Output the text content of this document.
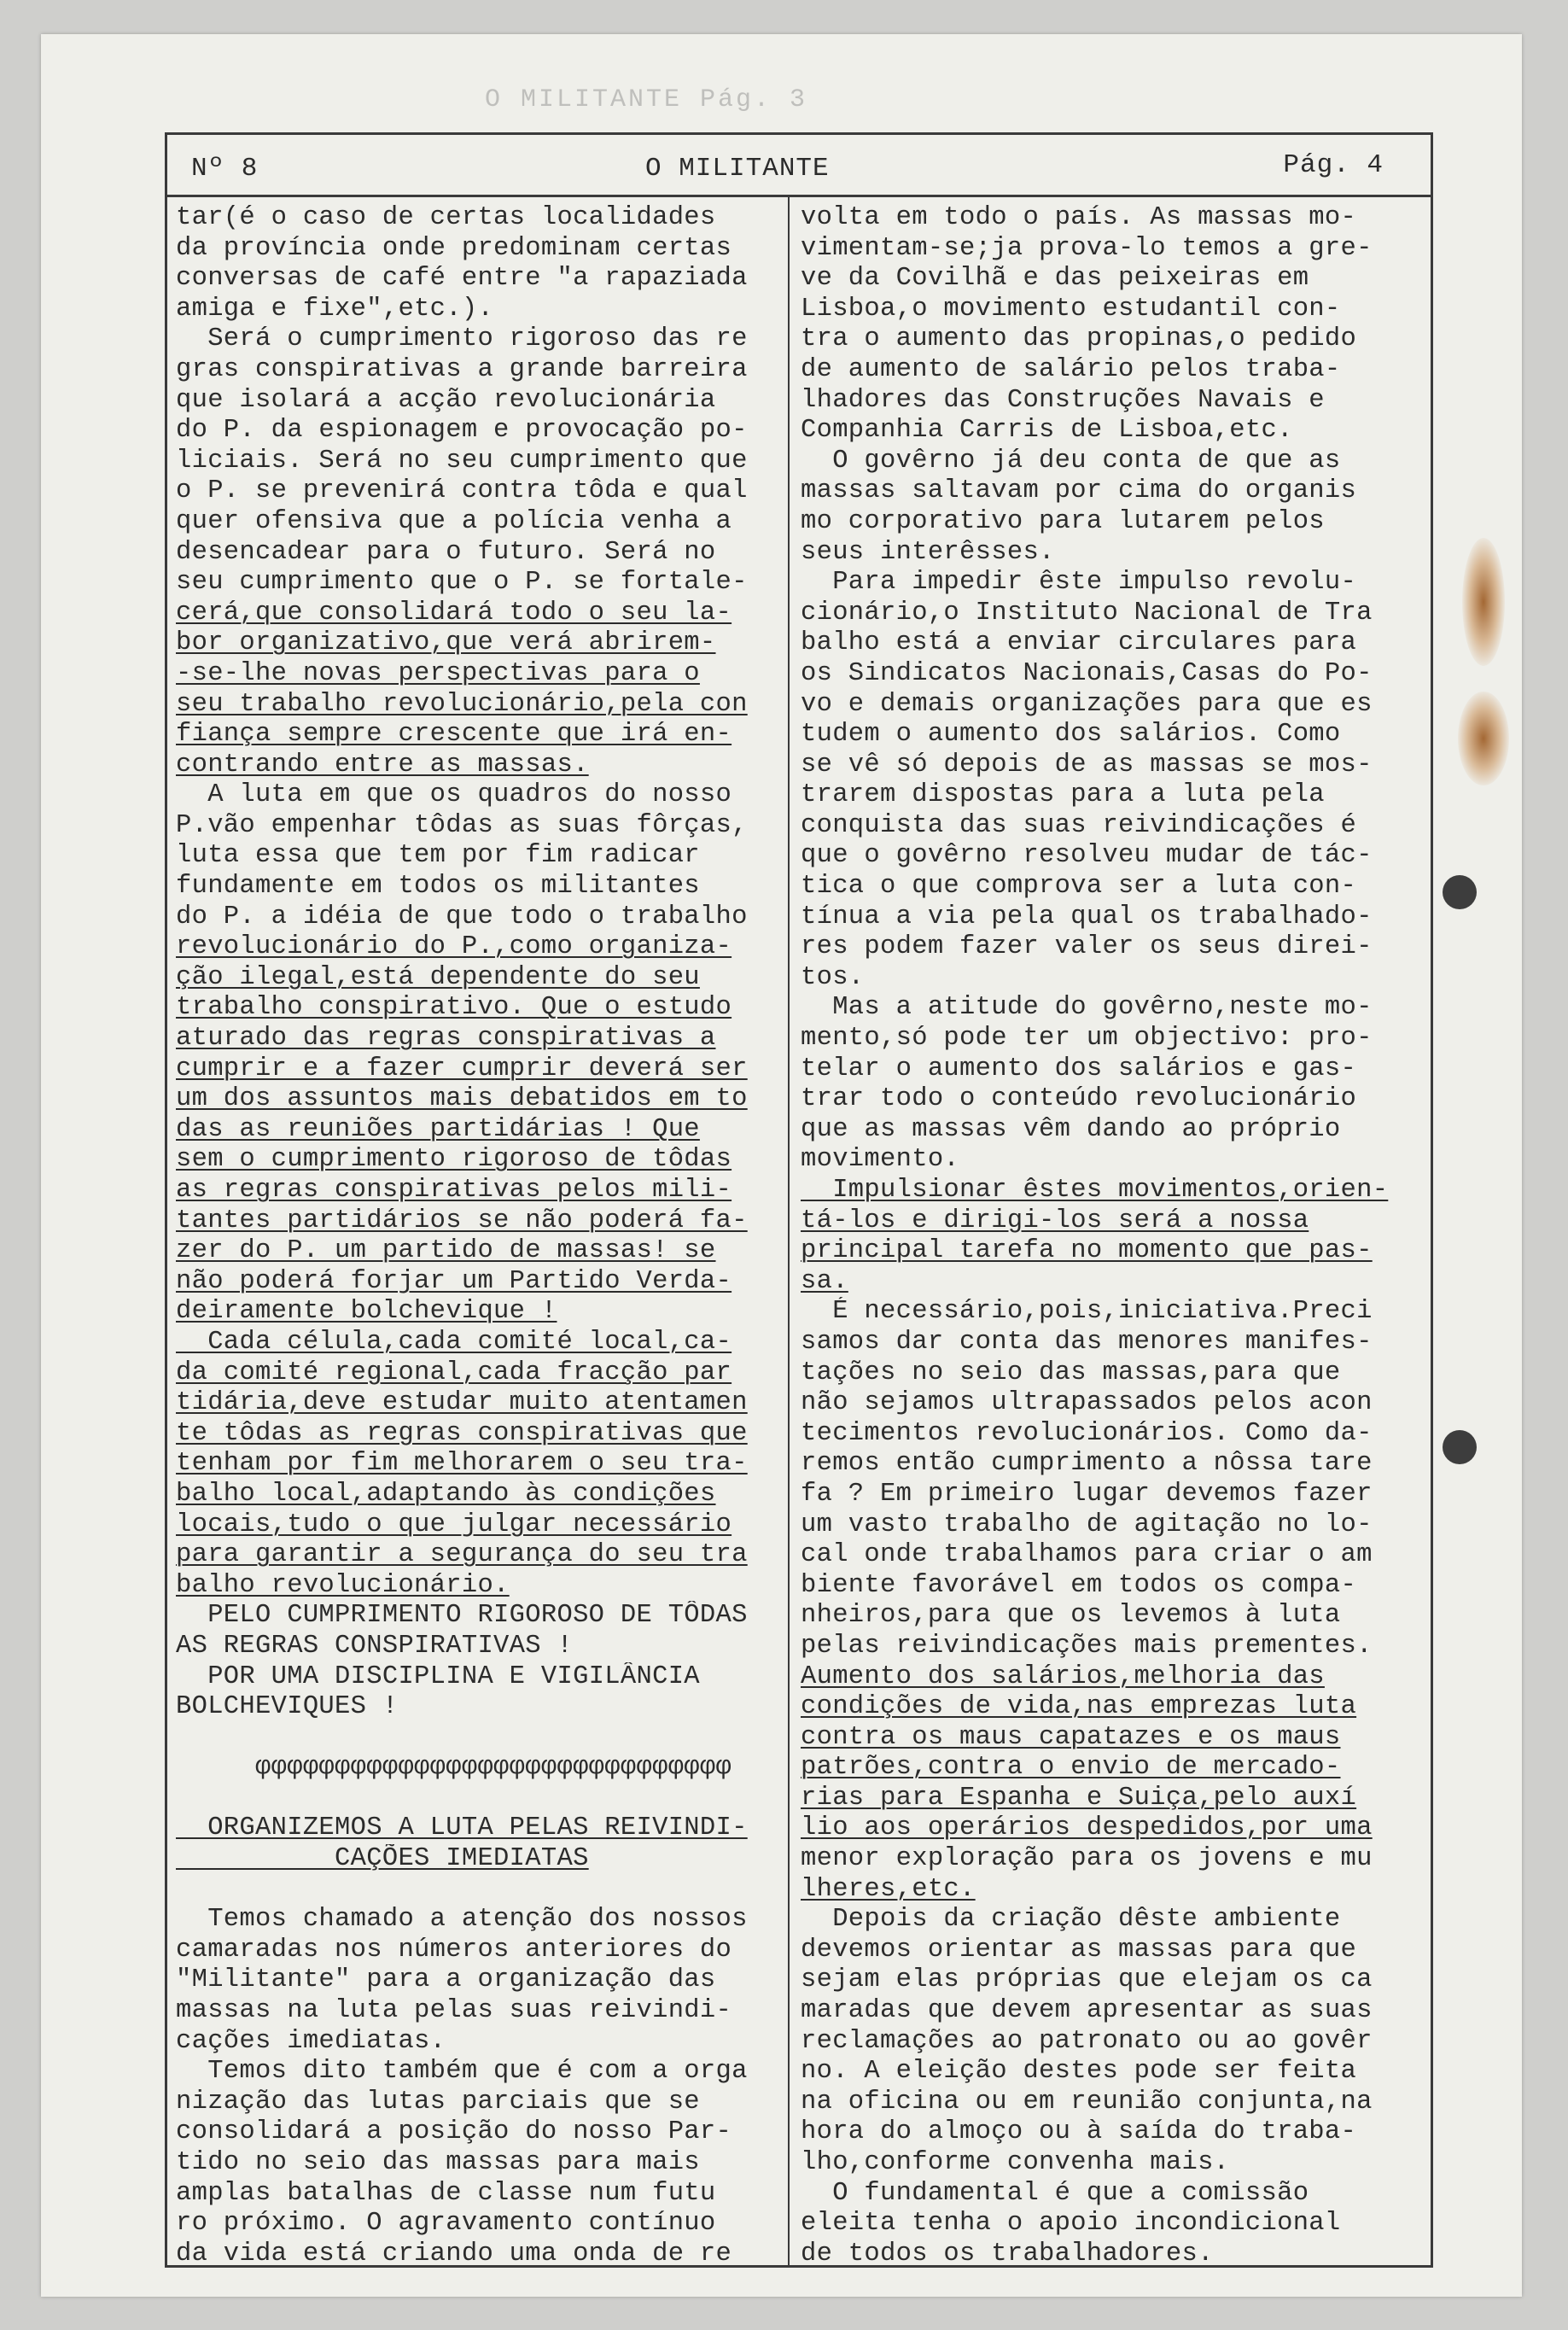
O MILITANTE Pág. 3
Nº 8	O MILITANTE	Pág. 4
tar(é o caso de certas localidades
da província onde predominam certas
conversas de café entre "a rapaziada
amiga e fixe",etc.).
Será o cumprimento rigoroso das re
gras conspirativas a grande barreira
que isolará a acção revolucionária
do P. da espionagem e provocação po-
liciais. Será no seu cumprimento que
o P. se prevenirá contra tôda e qual
quer ofensiva que a polícia venha a
desencadear para o futuro. Será no
seu cumprimento que o P. se fortale-
cerá,que consolidará todo o seu la-
bor organizativo,que verá abrirem-
-se-lhe novas perspectivas para o
seu trabalho revolucionário,pela con
fiança sempre crescente que irá en-
contrando entre as massas.
A luta em que os quadros do nosso
P.vão empenhar tôdas as suas fôrças,
luta essa que tem por fim radicar
fundamente em todos os militantes
do P. a idéia de que todo o trabalho
revolucionário do P.,como organiza-
ção ilegal,está dependente do seu
trabalho conspirativo. Que o estudo
aturado das regras conspirativas a
cumprir e a fazer cumprir deverá ser
um dos assuntos mais debatidos em to
das as reuniões partidárias ! Que
sem o cumprimento rigoroso de tôdas
as regras conspirativas pelos mili-
tantes partidários se não poderá fa-
zer do P. um partido de massas! se
não poderá forjar um Partido Verda-
deiramente bolchevique !
Cada célula,cada comité local,ca-
da comité regional,cada fracção par
tidária,deve estudar muito atentamen
te tôdas as regras conspirativas que
tenham por fim melhorarem o seu tra-
balho local,adaptando às condições
locais,tudo o que julgar necessário
para garantir a segurança do seu tra
balho revolucionário.
PELO CUMPRIMENTO RIGOROSO DE TÔDAS
AS REGRAS CONSPIRATIVAS !
POR UMA DISCIPLINA E VIGILÂNCIA
BOLCHEVIQUES !
φφφφφφφφφφφφφφφφφφφφφφφφφφφφφφ
ORGANIZEMOS A LUTA PELAS REIVINDI-
CAÇÕES IMEDIATAS
Temos chamado a atenção dos nossos
camaradas nos números anteriores do
"Militante" para a organização das
massas na luta pelas suas reivindi-
cações imediatas.
Temos dito também que é com a orga
nização das lutas parciais que se
consolidará a posição do nosso Par-
tido no seio das massas para mais
amplas batalhas de classe num futu
ro próximo. O agravamento contínuo
da vida está criando uma onda de re
volta em todo o país. As massas mo-
vimentam-se;ja prova-lo temos a gre-
ve da Covilhã e das peixeiras em
Lisboa,o movimento estudantil con-
tra o aumento das propinas,o pedido
de aumento de salário pelos traba-
lhadores das Construções Navais e
Companhia Carris de Lisboa,etc.
O govêrno já deu conta de que as
massas saltavam por cima do organis
mo corporativo para lutarem pelos
seus interêsses.
Para impedir êste impulso revolu-
cionário,o Instituto Nacional de Tra
balho está a enviar circulares para
os Sindicatos Nacionais,Casas do Po-
vo e demais organizações para que es
tudem o aumento dos salários. Como
se vê só depois de as massas se mos-
trarem dispostas para a luta pela
conquista das suas reivindicações é
que o govêrno resolveu mudar de tác-
tica o que comprova ser a luta con-
tínua a via pela qual os trabalhado-
res podem fazer valer os seus direi-
tos.
Mas a atitude do govêrno,neste mo-
mento,só pode ter um objectivo: pro-
telar o aumento dos salários e gas-
trar todo o conteúdo revolucionário
que as massas vêm dando ao próprio
movimento.
Impulsionar êstes movimentos,orien-
tá-los e dirigi-los será a nossa
principal tarefa no momento que pas-
sa.
É necessário,pois,iniciativa.Preci
samos dar conta das menores manifes-
tações no seio das massas,para que
não sejamos ultrapassados pelos acon
tecimentos revolucionários. Como da-
remos então cumprimento a nôssa tare
fa ? Em primeiro lugar devemos fazer
um vasto trabalho de agitação no lo-
cal onde trabalhamos para criar o am
biente favorável em todos os compa-
nheiros,para que os levemos à luta
pelas reivindicações mais prementes.
Aumento dos salários,melhoria das
condições de vida,nas emprezas luta
contra os maus capatazes e os maus
patrões,contra o envio de mercado-
rias para Espanha e Suiça,pelo auxí
lio aos operários despedidos,por uma
menor exploração para os jovens e mu
lheres,etc.
Depois da criação dêste ambiente
devemos orientar as massas para que
sejam elas próprias que elejam os ca
maradas que devem apresentar as suas
reclamações ao patronato ou ao govêr
no. A eleição destes pode ser feita
na oficina ou em reunião conjunta,na
hora do almoço ou à saída do traba-
lho,conforme convenha mais.
O fundamental é que a comissão
eleita tenha o apoio incondicional
de todos os trabalhadores.
